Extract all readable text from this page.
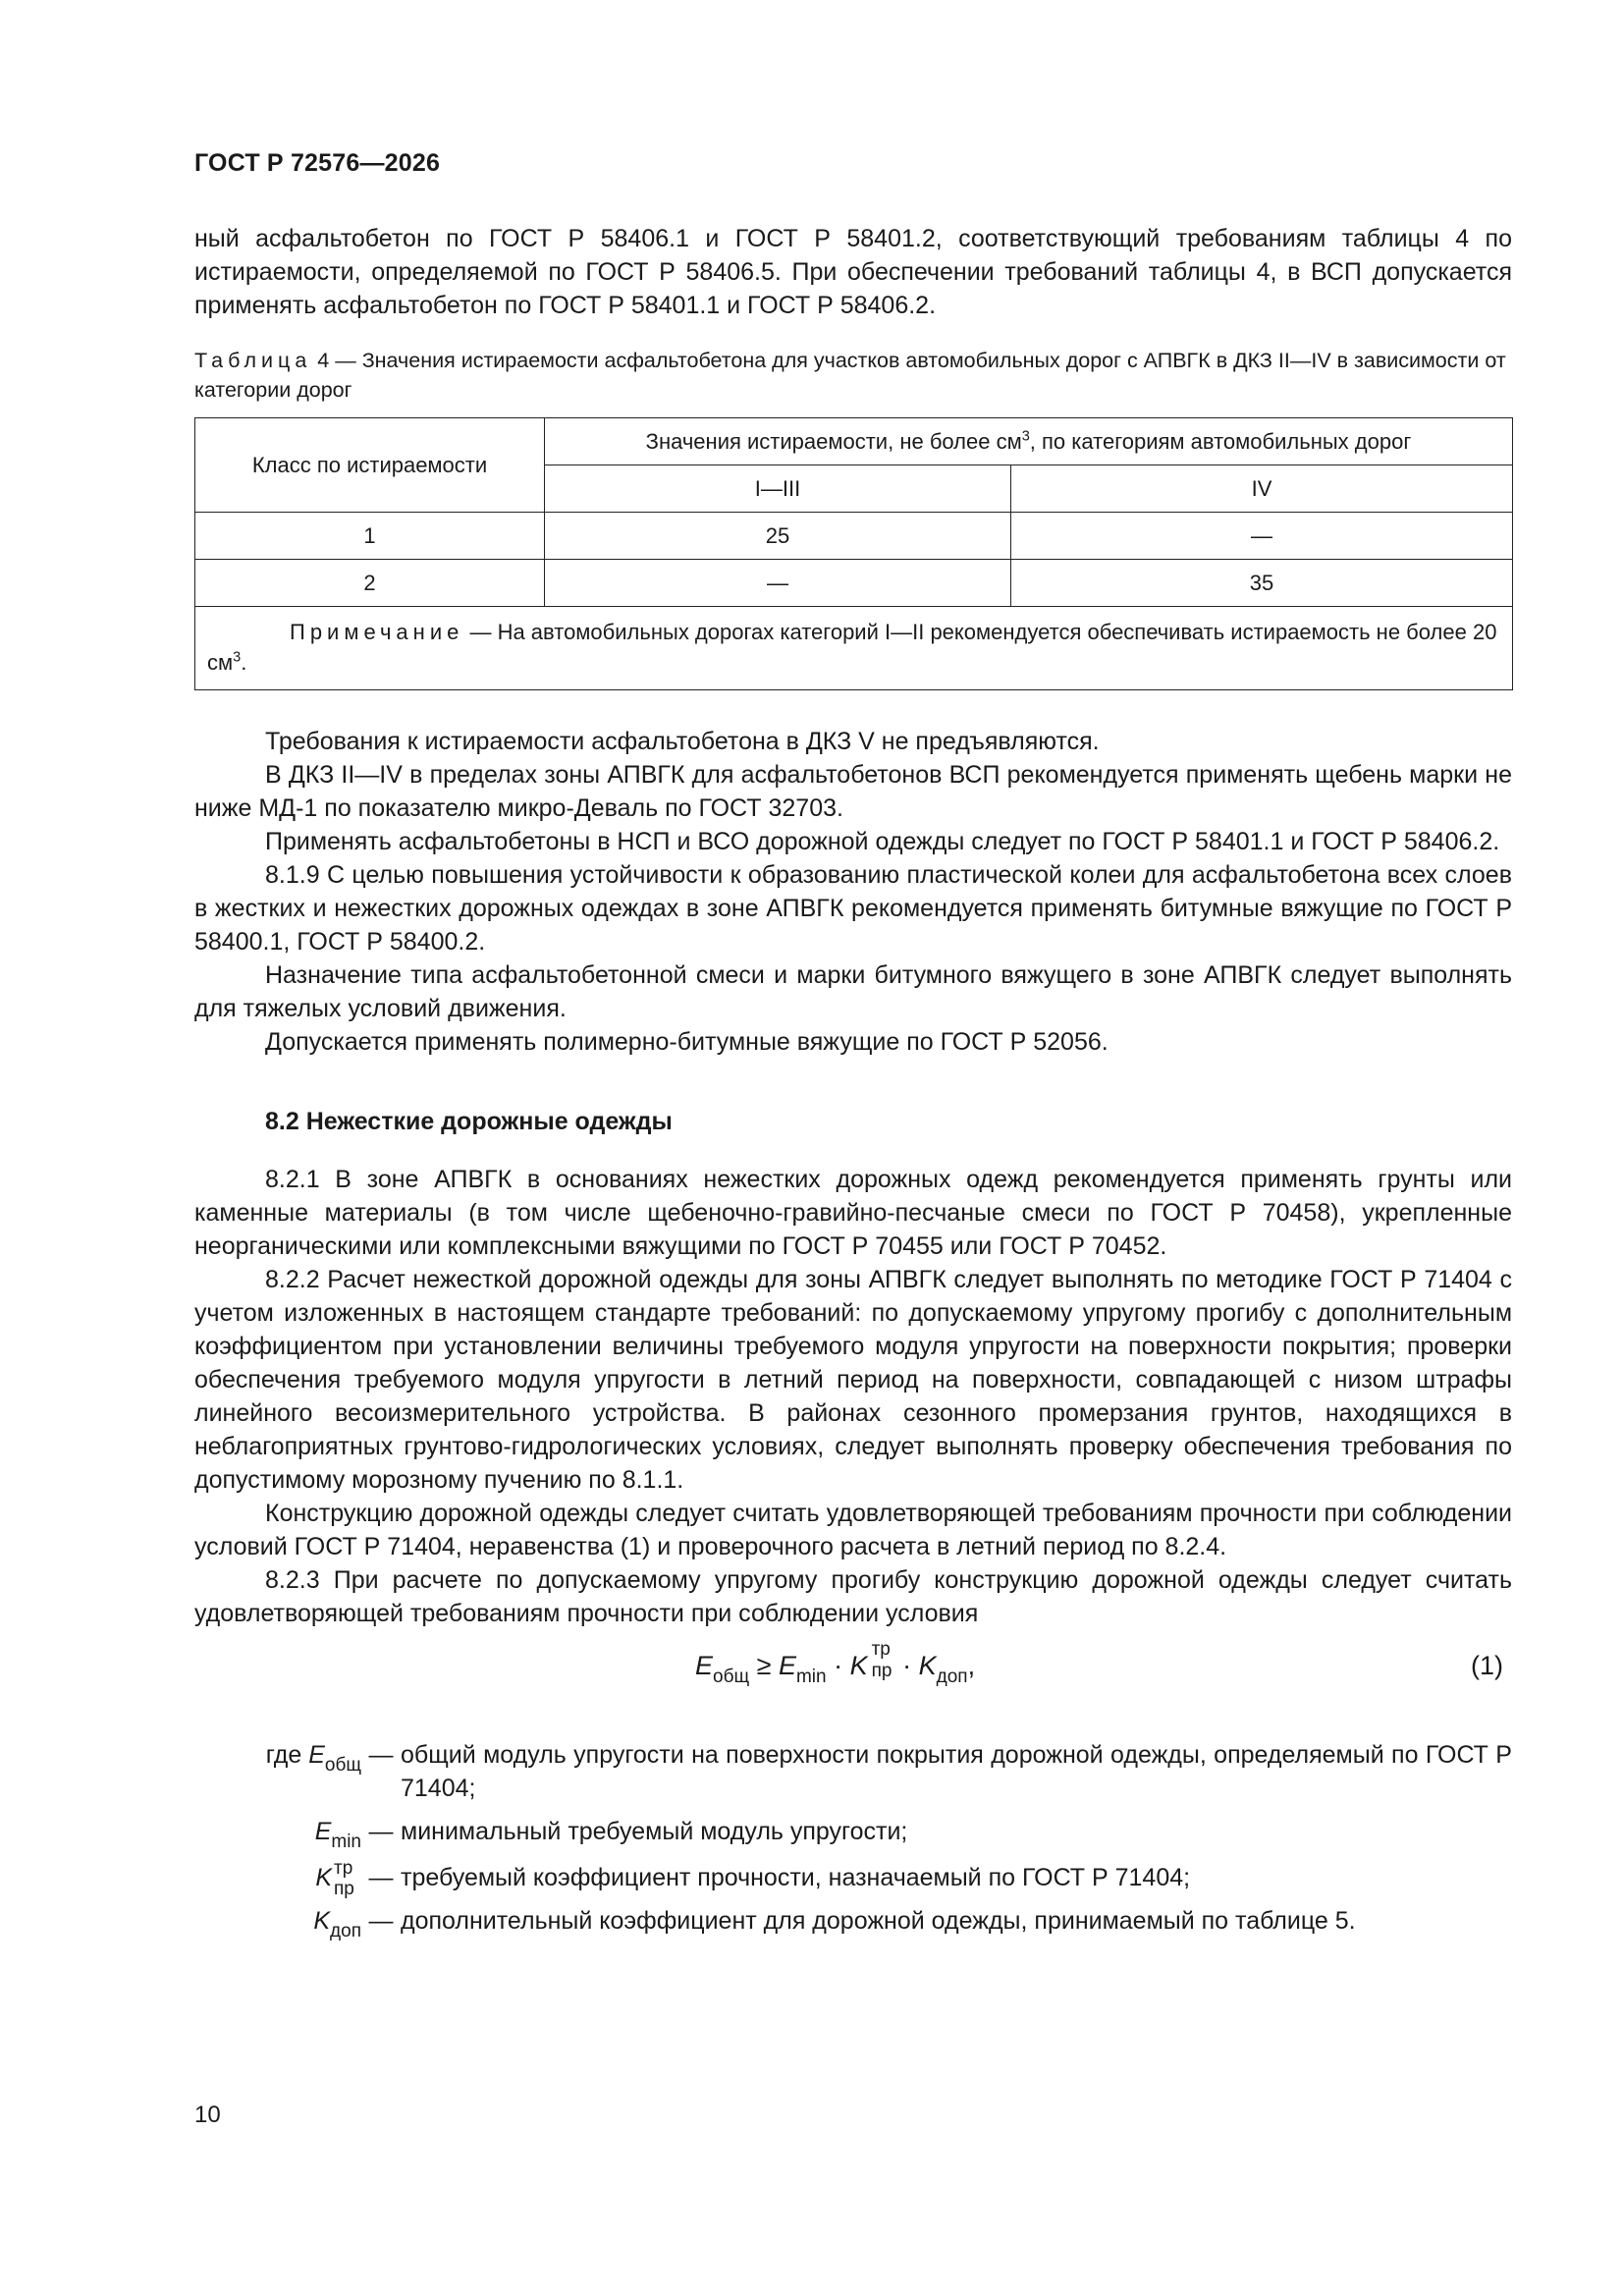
ГОСТ Р 72576—2026

ный асфальтобетон по ГОСТ Р 58406.1 и ГОСТ Р 58401.2, соответствующий требованиям таблицы 4 по истираемости, определяемой по ГОСТ Р 58406.5. При обеспечении требований таблицы 4, в ВСП допускается применять асфальтобетон по ГОСТ Р 58401.1 и ГОСТ Р 58406.2.

Таблица 4 — Значения истираемости асфальтобетона для участков автомобильных дорог с АПВГК в ДКЗ II—IV в зависимости от категории дорог
Класс по истираемости	Значения истираемости, не более $см^3$, по категориям автомобильных дорог	
	I—III	IV
1	25	—
2	—	35
Примечание — На автомобильных дорогах категорий I—II рекомендуется обеспечивать истираемость не более 20 $см^3$.		

Требования к истираемости асфальтобетона в ДКЗ V не предъявляются.

В ДКЗ II—IV в пределах зоны АПВГК для асфальтобетонов ВСП рекомендуется применять щебень марки не ниже МД-1 по показателю микро-Деваль по ГОСТ 32703.

Применять асфальтобетоны в НСП и ВСО дорожной одежды следует по ГОСТ Р 58401.1 и ГОСТ Р 58406.2.

8.1.9 С целью повышения устойчивости к образованию пластической колеи для асфальтобетона всех слоев в жестких и нежестких дорожных одеждах в зоне АПВГК рекомендуется применять битумные вяжущие по ГОСТ Р 58400.1, ГОСТ Р 58400.2.

Назначение типа асфальтобетонной смеси и марки битумного вяжущего в зоне АПВГК следует выполнять для тяжелых условий движения.

Допускается применять полимерно-битумные вяжущие по ГОСТ Р 52056.

8.2 Нежесткие дорожные одежды

8.2.1 В зоне АПВГК в основаниях нежестких дорожных одежд рекомендуется применять грунты или каменные материалы (в том числе щебеночно-гравийно-песчаные смеси по ГОСТ Р 70458), укрепленные неорганическими или комплексными вяжущими по ГОСТ Р 70455 или ГОСТ Р 70452.

8.2.2 Расчет нежесткой дорожной одежды для зоны АПВГК следует выполнять по методике ГОСТ Р 71404 с учетом изложенных в настоящем стандарте требований: по допускаемому упругому прогибу с дополнительным коэффициентом при установлении величины требуемого модуля упругости на поверхности покрытия; проверки обеспечения требуемого модуля упругости в летний период на поверхности, совпадающей с низом штрафы линейного весоизмерительного устройства. В районах сезонного промерзания грунтов, находящихся в неблагоприятных грунтово-гидрологических условиях, следует выполнять проверку обеспечения требования по допустимому морозному пучению по 8.1.1.

Конструкцию дорожной одежды следует считать удовлетворяющей требованиям прочности при соблюдении условий ГОСТ Р 71404, неравенства (1) и проверочного расчета в летний период по 8.2.4.

8.2.3 При расчете по допускаемому упругому прогибу конструкцию дорожной одежды следует считать удовлетворяющей требованиям прочности при соблюдении условия

$E_{общ} \ge E_{min} \cdot K$
тр
пр · $K_{доп}$,	(1)
где $E_{общ}$ — общий модуль упругости на поверхности покрытия дорожной одежды, определяемый по ГОСТ Р 71404;
$E_{min}$ — минимальный требуемый модуль упругости;
K тр
пр — требуемый коэффициент прочности, назначаемый по ГОСТ Р 71404;
$K_{доп}$ — дополнительный коэффициент для дорожной одежды, принимаемый по таблице 5.
10
